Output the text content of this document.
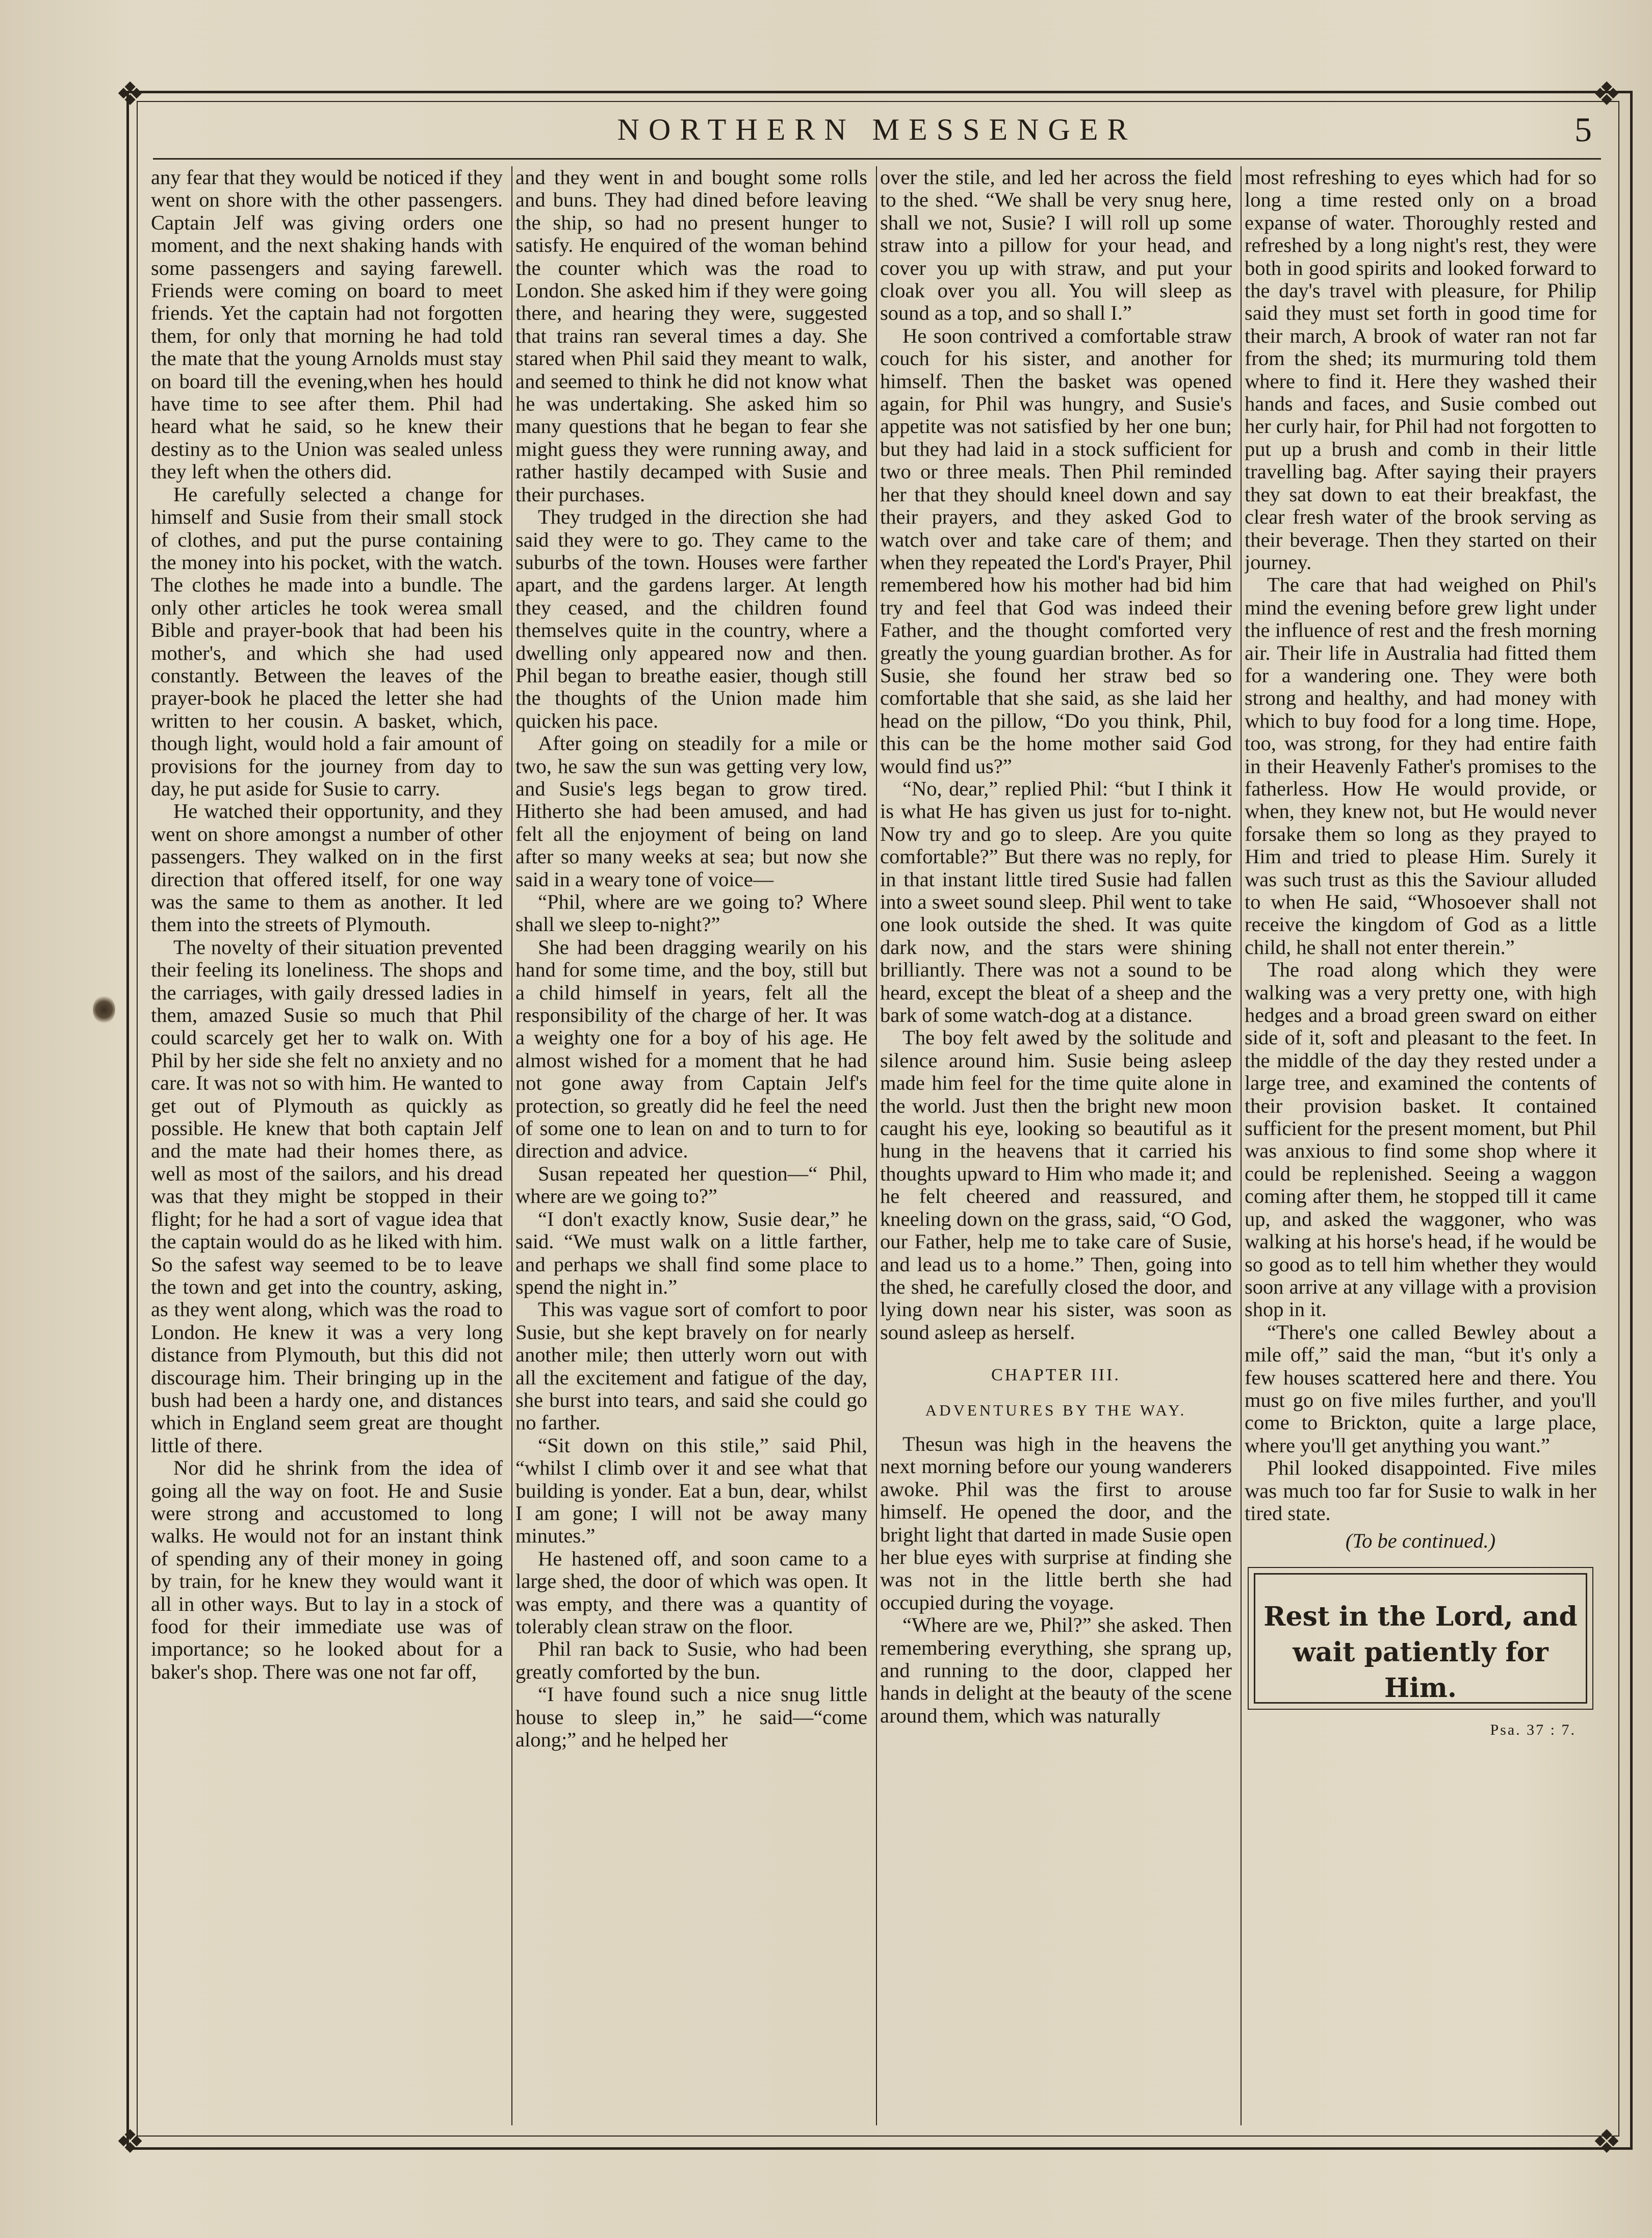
❖	❖
❖	❖
NORTHERN MESSENGER	5

any fear that they would be noticed if they went on shore with the other passengers. Captain Jelf was giving orders one moment, and the next shaking hands with some passengers and saying farewell. Friends were coming on board to meet friends. Yet the captain had not forgotten them, for only that morning he had told the mate that the young Arnolds must stay on board till the evening,when hes hould have time to see after them. Phil had heard what he said, so he knew their destiny as to the Union was sealed unless they left when the others did.

He carefully selected a change for himself and Susie from their small stock of clothes, and put the purse containing the money into his pocket, with the watch. The clothes he made into a bundle. The only other articles he took werea small Bible and prayer-book that had been his mother's, and which she had used constantly. Between the leaves of the prayer-book he placed the letter she had written to her cousin. A basket, which, though light, would hold a fair amount of provisions for the journey from day to day, he put aside for Susie to carry.

He watched their opportunity, and they went on shore amongst a number of other passengers. They walked on in the first direction that offered itself, for one way was the same to them as another. It led them into the streets of Plymouth.

The novelty of their situation prevented their feeling its loneliness. The shops and the carriages, with gaily dressed ladies in them, amazed Susie so much that Phil could scarcely get her to walk on. With Phil by her side she felt no anxiety and no care. It was not so with him. He wanted to get out of Plymouth as quickly as possible. He knew that both captain Jelf and the mate had their homes there, as well as most of the sailors, and his dread was that they might be stopped in their flight; for he had a sort of vague idea that the captain would do as he liked with him. So the safest way seemed to be to leave the town and get into the country, asking, as they went along, which was the road to London. He knew it was a very long distance from Plymouth, but this did not discourage him. Their bringing up in the bush had been a hardy one, and distances which in England seem great are thought little of there.

Nor did he shrink from the idea of going all the way on foot. He and Susie were strong and accustomed to long walks. He would not for an instant think of spending any of their money in going by train, for he knew they would want it all in other ways. But to lay in a stock of food for their immediate use was of importance; so he looked about for a baker's shop. There was one not far off,

and they went in and bought some rolls and buns. They had dined before leaving the ship, so had no present hunger to satisfy. He enquired of the woman behind the counter which was the road to London. She asked him if they were going there, and hearing they were, suggested that trains ran several times a day. She stared when Phil said they meant to walk, and seemed to think he did not know what he was undertaking. She asked him so many questions that he began to fear she might guess they were running away, and rather hastily decamped with Susie and their purchases.

They trudged in the direction she had said they were to go. They came to the suburbs of the town. Houses were farther apart, and the gardens larger. At length they ceased, and the children found themselves quite in the country, where a dwelling only appeared now and then. Phil began to breathe easier, though still the thoughts of the Union made him quicken his pace.

After going on steadily for a mile or two, he saw the sun was getting very low, and Susie's legs began to grow tired. Hitherto she had been amused, and had felt all the enjoyment of being on land after so many weeks at sea; but now she said in a weary tone of voice—

“Phil, where are we going to? Where shall we sleep to-night?”

She had been dragging wearily on his hand for some time, and the boy, still but a child himself in years, felt all the responsibility of the charge of her. It was a weighty one for a boy of his age. He almost wished for a moment that he had not gone away from Captain Jelf's protection, so greatly did he feel the need of some one to lean on and to turn to for direction and advice.

Susan repeated her question—“ Phil, where are we going to?”

“I don't exactly know, Susie dear,” he said. “We must walk on a little farther, and perhaps we shall find some place to spend the night in.”

This was vague sort of comfort to poor Susie, but she kept bravely on for nearly another mile; then utterly worn out with all the excitement and fatigue of the day, she burst into tears, and said she could go no farther.

“Sit down on this stile,” said Phil, “whilst I climb over it and see what that building is yonder. Eat a bun, dear, whilst I am gone; I will not be away many minutes.”

He hastened off, and soon came to a large shed, the door of which was open. It was empty, and there was a quantity of tolerably clean straw on the floor.

Phil ran back to Susie, who had been greatly comforted by the bun.

“I have found such a nice snug little house to sleep in,” he said—“come along;” and he helped her

over the stile, and led her across the field to the shed. “We shall be very snug here, shall we not, Susie? I will roll up some straw into a pillow for your head, and cover you up with straw, and put your cloak over you all. You will sleep as sound as a top, and so shall I.”

He soon contrived a comfortable straw couch for his sister, and another for himself. Then the basket was opened again, for Phil was hungry, and Susie's appetite was not satisfied by her one bun; but they had laid in a stock sufficient for two or three meals. Then Phil reminded her that they should kneel down and say their prayers, and they asked God to watch over and take care of them; and when they repeated the Lord's Prayer, Phil remembered how his mother had bid him try and feel that God was indeed their Father, and the thought comforted very greatly the young guardian brother. As for Susie, she found her straw bed so comfortable that she said, as she laid her head on the pillow, “Do you think, Phil, this can be the home mother said God would find us?”

“No, dear,” replied Phil: “but I think it is what He has given us just for to-night. Now try and go to sleep. Are you quite comfortable?” But there was no reply, for in that instant little tired Susie had fallen into a sweet sound sleep. Phil went to take one look outside the shed. It was quite dark now, and the stars were shining brilliantly. There was not a sound to be heard, except the bleat of a sheep and the bark of some watch-dog at a distance.

The boy felt awed by the solitude and silence around him. Susie being asleep made him feel for the time quite alone in the world. Just then the bright new moon caught his eye, looking so beautiful as it hung in the heavens that it carried his thoughts upward to Him who made it; and he felt cheered and reassured, and kneeling down on the grass, said, “O God, our Father, help me to take care of Susie, and lead us to a home.” Then, going into the shed, he carefully closed the door, and lying down near his sister, was soon as sound asleep as herself.

CHAPTER III.
ADVENTURES BY THE WAY.

Thesun was high in the heavens the next morning before our young wanderers awoke. Phil was the first to arouse himself. He opened the door, and the bright light that darted in made Susie open her blue eyes with surprise at finding she was not in the little berth she had occupied during the voyage.

“Where are we, Phil?” she asked. Then remembering everything, she sprang up, and running to the door, clapped her hands in delight at the beauty of the scene around them, which was naturally

most refreshing to eyes which had for so long a time rested only on a broad expanse of water. Thoroughly rested and refreshed by a long night's rest, they were both in good spirits and looked forward to the day's travel with pleasure, for Philip said they must set forth in good time for their march, A brook of water ran not far from the shed; its murmuring told them where to find it. Here they washed their hands and faces, and Susie combed out her curly hair, for Phil had not forgotten to put up a brush and comb in their little travelling bag. After saying their prayers they sat down to eat their breakfast, the clear fresh water of the brook serving as their beverage. Then they started on their journey.

The care that had weighed on Phil's mind the evening before grew light under the influence of rest and the fresh morning air. Their life in Australia had fitted them for a wandering one. They were both strong and healthy, and had money with which to buy food for a long time. Hope, too, was strong, for they had entire faith in their Heavenly Father's promises to the fatherless. How He would provide, or when, they knew not, but He would never forsake them so long as they prayed to Him and tried to please Him. Surely it was such trust as this the Saviour alluded to when He said, “Whosoever shall not receive the kingdom of God as a little child, he shall not enter therein.”

The road along which they were walking was a very pretty one, with high hedges and a broad green sward on either side of it, soft and pleasant to the feet. In the middle of the day they rested under a large tree, and examined the contents of their provision basket. It contained sufficient for the present moment, but Phil was anxious to find some shop where it could be replenished. Seeing a waggon coming after them, he stopped till it came up, and asked the waggoner, who was walking at his horse's head, if he would be so good as to tell him whether they would soon arrive at any village with a provision shop in it.

“There's one called Bewley about a mile off,” said the man, “but it's only a few houses scattered here and there. You must go on five miles further, and you'll come to Brickton, quite a large place, where you'll get anything you want.”

Phil looked disappointed. Five miles was much too far for Susie to walk in her tired state.

(To be continued.)
Rest in the Lord, and
wait patiently for Him.
Psa. 37 : 7.
